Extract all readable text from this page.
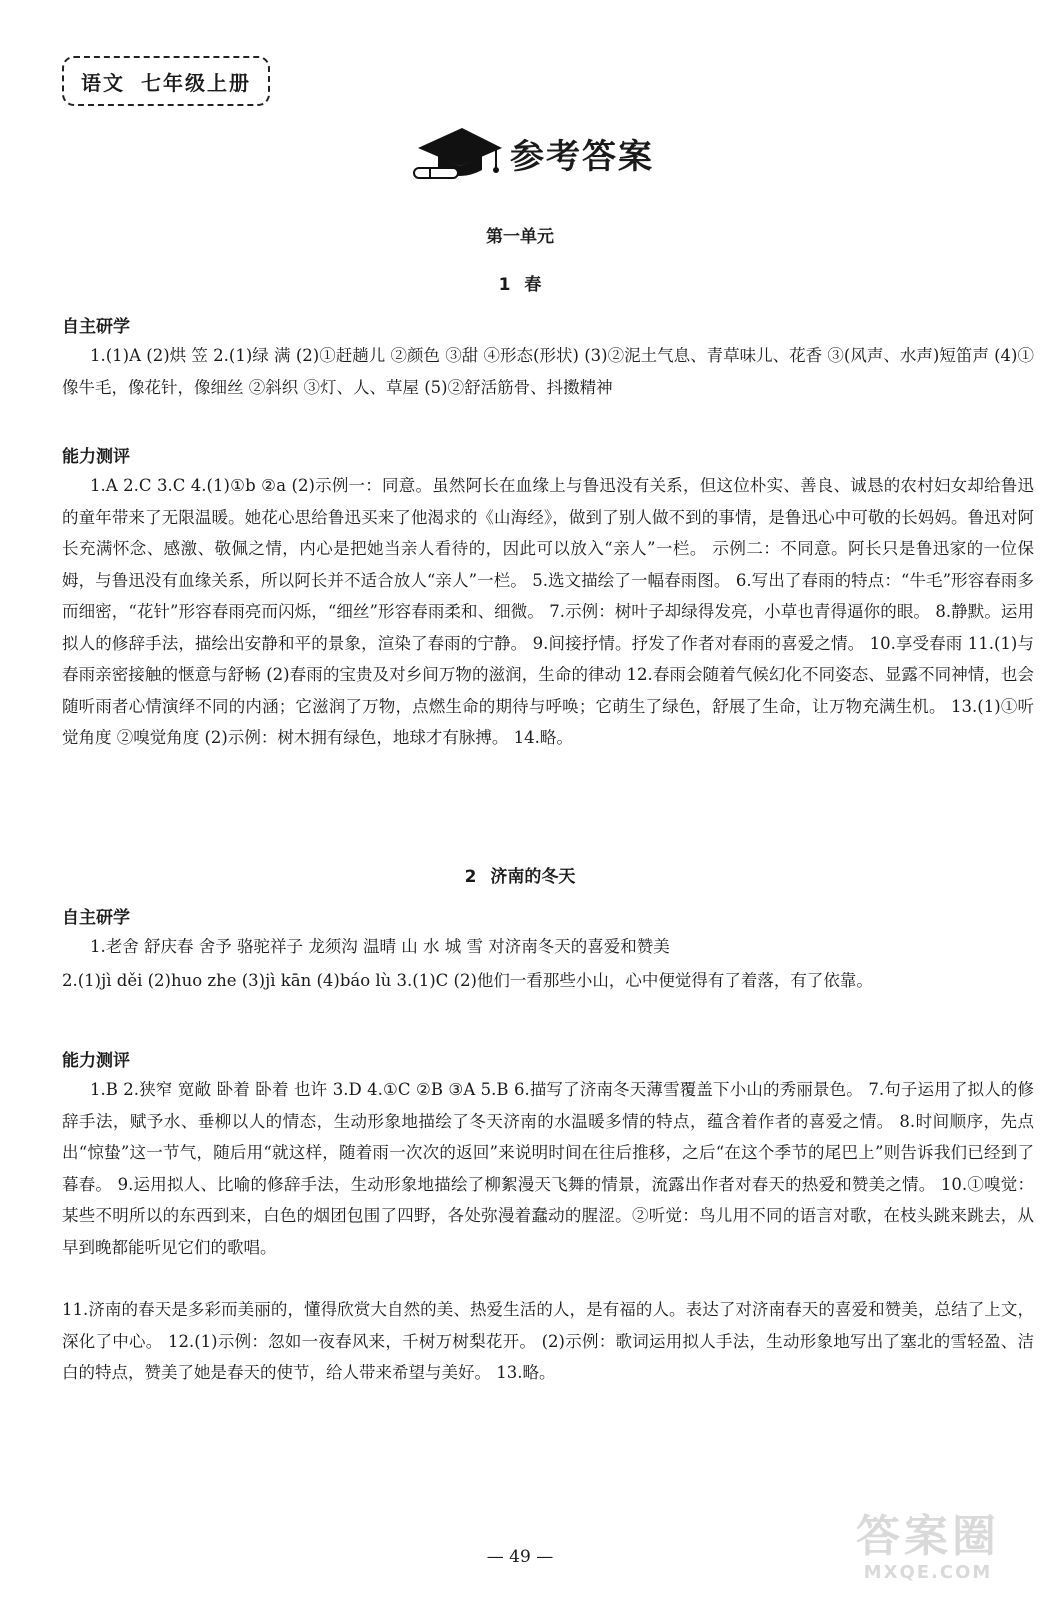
语文 七年级上册
参考答案
第一单元
1 春
自主研学

1.(1)A (2)烘 笠 2.(1)绿 满 (2)①赶趟儿 ②颜色 ③甜 ④形态(形状) (3)②泥土气息、青草味儿、花香 ③(风声、水声)短笛声 (4)①像牛毛，像花针，像细丝 ②斜织 ③灯、人、草屋 (5)②舒活筋骨、抖擞精神

能力测评

1.A 2.C 3.C 4.(1)①b ②a (2)示例一：同意。虽然阿长在血缘上与鲁迅没有关系，但这位朴实、善良、诚恳的农村妇女却给鲁迅的童年带来了无限温暖。她花心思给鲁迅买来了他渴求的《山海经》，做到了别人做不到的事情，是鲁迅心中可敬的长妈妈。鲁迅对阿长充满怀念、感激、敬佩之情，内心是把她当亲人看待的，因此可以放入“亲人”一栏。 示例二：不同意。阿长只是鲁迅家的一位保姆，与鲁迅没有血缘关系，所以阿长并不适合放人“亲人”一栏。 5.选文描绘了一幅春雨图。 6.写出了春雨的特点：“牛毛”形容春雨多而细密，“花针”形容春雨亮而闪烁，“细丝”形容春雨柔和、细微。 7.示例：树叶子却绿得发亮，小草也青得逼你的眼。 8.静默。运用拟人的修辞手法，描绘出安静和平的景象，渲染了春雨的宁静。 9.间接抒情。抒发了作者对春雨的喜爱之情。 10.享受春雨 11.(1)与春雨亲密接触的惬意与舒畅 (2)春雨的宝贵及对乡间万物的滋润，生命的律动 12.春雨会随着气候幻化不同姿态、显露不同神情，也会随听雨者心情演绎不同的内涵；它滋润了万物，点燃生命的期待与呼唤；它萌生了绿色，舒展了生命，让万物充满生机。 13.(1)①听觉角度 ②嗅觉角度 (2)示例：树木拥有绿色，地球才有脉搏。 14.略。

2 济南的冬天
自主研学

1.老舍 舒庆春 舍予 骆驼祥子 龙须沟 温晴 山 水 城 雪 对济南冬天的喜爱和赞美

2.(1)jì děi (2)huo zhe (3)jì kān (4)báo lù 3.(1)C (2)他们一看那些小山，心中便觉得有了着落，有了依靠。

能力测评

1.B 2.狭窄 宽敞 卧着 卧着 也许 3.D 4.①C ②B ③A 5.B 6.描写了济南冬天薄雪覆盖下小山的秀丽景色。 7.句子运用了拟人的修辞手法，赋予水、垂柳以人的情态，生动形象地描绘了冬天济南的水温暖多情的特点，蕴含着作者的喜爱之情。 8.时间顺序，先点出“惊蛰”这一节气，随后用“就这样，随着雨一次次的返回”来说明时间在往后推移，之后“在这个季节的尾巴上”则告诉我们已经到了暮春。 9.运用拟人、比喻的修辞手法，生动形象地描绘了柳絮漫天飞舞的情景，流露出作者对春天的热爱和赞美之情。 10.①嗅觉：某些不明所以的东西到来，白色的烟团包围了四野，各处弥漫着蠢动的腥涩。②听觉：鸟儿用不同的语言对歌，在枝头跳来跳去，从早到晚都能听见它们的歌唱。

11.济南的春天是多彩而美丽的，懂得欣赏大自然的美、热爱生活的人，是有福的人。表达了对济南春天的喜爱和赞美，总结了上文，深化了中心。 12.(1)示例：忽如一夜春风来，千树万树梨花开。 (2)示例：歌词运用拟人手法，生动形象地写出了塞北的雪轻盈、洁白的特点，赞美了她是春天的使节，给人带来希望与美好。 13.略。

答案圈
MXQE.COM
— 49 —
